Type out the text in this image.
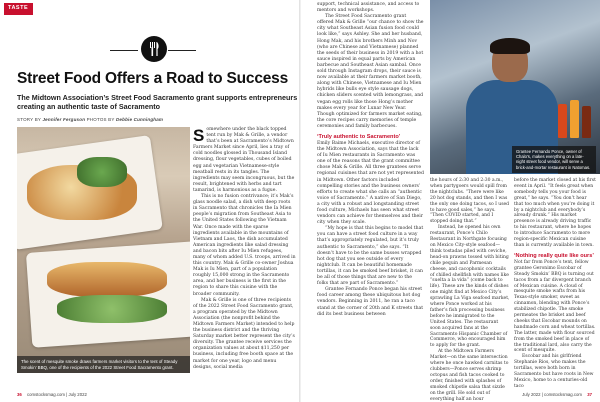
TASTE
Street Food Offers a Road to Success
The Midtown Association’s Street Food Sacramento grant supports entrepreneurs creating an authentic taste of Sacramento
STORY BY Jennifer Ferguson PHOTOS BY Debbie Cunningham
The scent of mesquite smoke draws farmers market visitors to the tent of Steady Smokin’ BBQ, one of the recipients of the 2022 Street Food Sacramento grant.
S omewhere under the black topped tent run by Mak & Grille, a vendor that’s been at Sacramento’s Midtown Farmers Market since April, lies a tray of cold noodles glossed in Thousand Island dressing, flour vegetables, cubes of boiled egg and vegetarian Vietnamese-style meatball rests in its tangles. The ingredients may seem incongruous, but the result, brightened with herbs and tart tamarind, is harmonious as a fugue.

This is no fusion contrivance; it’s Mak’s glass noodle salad, a dish with deep roots in Sacramento that chronicles the Ia Mien people’s migration from Southeast Asia to the United States following the Vietnam War. Once made with the sparse ingredients available in the mountains of Vietnam and Laos, the dish accumulated American ingredients like salad dressing and bacon bits after Iu Mien refugees, many of whom added U.S. troops, arrived in this country. Mak & Grille co-owner Joshua Mak is Iu Mien, part of a population roughly 15,000 strong in the Sacramento area, and her business is the first in the region to share this cuisine with the broader community.

Mak & Grille is one of three recipients of the 2022 Street Food Sacramento grant, a program operated by the Midtown Association (the nonprofit behind the Midtown Farmers Market) intended to help the business district and the thriving Saturday market better represent the city’s diversity. The grantee receive services the organization values at about $11,250 per business, including free booth space at the market for one year, logo and menu designs, social media

support, technical assistance, and access to mentors and workshops.

The Street Food Sacramento grant offered Mak & Grille “our chance to show the city what Southeast Asian fusion food could look like,” says Ashley. She and her husband, Hong Mak, and his brothers Minh and Nov (who are Chinese and Vietnamese) planned the seeds of their business in 2019 with a hot sauce inspired in equal parts by American barbecue and Southeast Asian sambal. Once sold through Instagram drops, their sauce is now available at their farmers market booth, along with Chinese, Vietnamese and Iu Mien hybrids like bulls eye style sausage dogs, chicken sliders scented with lemongrass, and vegan egg rolls like those Hong’s mother makes every year for Lunar New Year. Though optimized for farmers market eating, the core recipes carry memories of temple ceremonies and family barbecues.

‘Truly authentic to Sacramento’

Emily Baime Michaels, executive director of the Midtown Association, says that the lack of Iu Mien restaurants in Sacramento was one of the reasons that the grant committee chose Mak & Grille. All three grantees serve regional cuisines that are not yet represented in Midtown. Other factors included compelling stories and the business owners’ efforts to create what she calls an “authentic voice of Sacramento.” A native of San Diego, a city with a robust and longstanding street food culture, Michaels has seen what street vendors can achieve for themselves and their city when they scale.

“My hope is that this begins to model that you can have a street food culture in a way that’s appropriately regulated, but it’s truly authentic to Sacramento,” she says. “It doesn’t have to be the same busses wrapped hot dog that you see outside of every nightclub. It can be beautiful homemade tortillas, it can be smoked beef brisket, it can be all of those things that are new to the folks that are part of Sacramento.”

Grantee Fernando Ponce began his street food career among these ubiquitous hot dog vendors. Beginning in 2011, he ran a taco stand at the corner of 20th and K streets that did its best business between

Grantee Fernando Ponce, owner of Chalo’s, makes everything on a late-night street food vendor, will serve a brick-and-mortar restaurant in Natomas.

the hours of 2:30 and 2:30 a.m., when partygoers would spill from the nightclubs. “There were like 20 hot dog stands, and then I was the only one doing tacos, so I used to have good sales,” he says. “Then COVID started, and I stopped doing that.”

Instead, he opened his own restaurant, Ponce’s Chilo Restaurant in Northgate focusing on Mexico City-style seafood—think tostadas piled with ceviche, head-on prawns tossed with biting chile pequin and Parmesan cheese, and cacophonic cocktails of chilled shellfish with names like “suelta a la vida” (come back to life). These are the kinds of dishes one might find at Mexico City’s sprawling La Viga seafood market, where Ponce worked at his father’s fish processing business before he immigrated to the United States. The restaurant soon acquired fans at the Sacramento Hispanic Chamber of Commerce, who encouraged him to apply for the grant.

At the Midtown Farmers Market—on the same intersection where he once hawked carnitas to clubbers—Ponce serves shrimp octopus and fish tacos cooked to order, finished with splashes of smoked chipotle salsa that sizzle on the grill. He sold out of everything half an hour

before the market closed at his first event in April. “It feels great when somebody tells you your food is great,” he says. “You don’t hear that too much when you’re doing it by a nightclub and everybody’s already drunk.” His market presence is already driving traffic to his restaurant, where he hopes to introduce Sacramento to more region-specific Mexican cuisine than is currently available in town.

‘Nothing really quite like ours’

Not far from Ponce’s tent, fellow grantee Geronimo Escobar of Steady Smokin’ BBQ is turning out tacos from a far divergent branch of Mexican cuisine. A cloud of mesquite smoke wafts from his Texas-style smoker, sweet as cinnamon, blending with Ponce’s stabilized chipotle. The smoke permeates the brisket and beef cheeks that Escobar mounds on handmade corn and wheat tortillas. The latter, made with flour sourced from the smoked beef in place of the traditional lard, also carry the scent of mesquite.

Escobar and his girlfriend Stephanie Rios, who makes the tortillas, were both born in Sacramento but have roots in New Mexico, home to a centuries-old taco

36 comstocksmag.com | July 2022	July 2022 | comstocksmag.com 37
